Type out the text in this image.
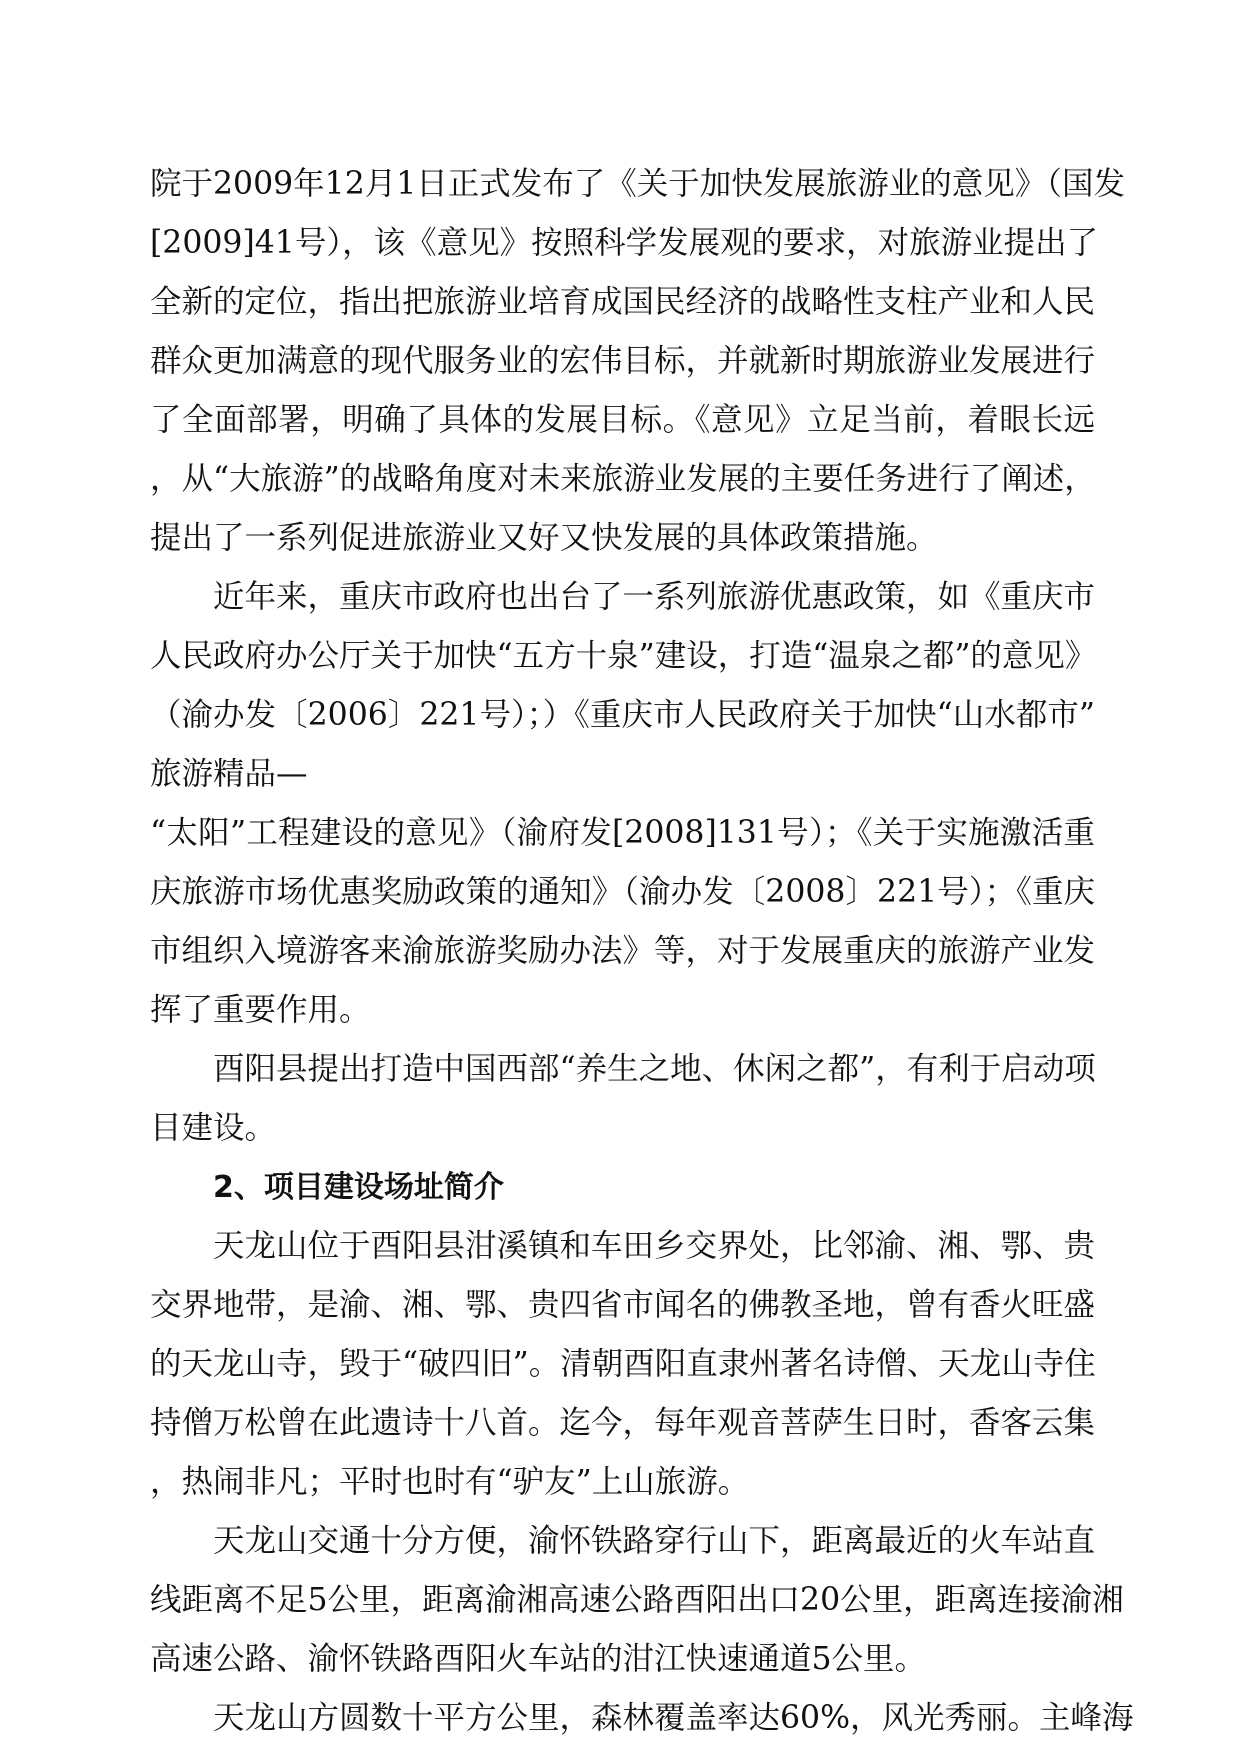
院于2009年12月1日正式发布了《关于加快发展旅游业的意见》（国发
[2009]41号），该《意见》按照科学发展观的要求，对旅游业提出了
全新的定位，指出把旅游业培育成国民经济的战略性支柱产业和人民
群众更加满意的现代服务业的宏伟目标，并就新时期旅游业发展进行
了全面部署，明确了具体的发展目标。《意见》立足当前，着眼长远
，从“大旅游”的战略角度对未来旅游业发展的主要任务进行了阐述，
提出了一系列促进旅游业又好又快发展的具体政策措施。
近年来，重庆市政府也出台了一系列旅游优惠政策，如《重庆市
人民政府办公厅关于加快“五方十泉”建设，打造“温泉之都”的意见》
（渝办发〔2006〕221号）；）《重庆市人民政府关于加快“山水都市”
旅游精品—
“太阳”工程建设的意见》（渝府发[2008]131号）；《关于实施激活重
庆旅游市场优惠奖励政策的通知》（渝办发〔2008〕221号）；《重庆
市组织入境游客来渝旅游奖励办法》等，对于发展重庆的旅游产业发
挥了重要作用。
酉阳县提出打造中国西部“养生之地、休闲之都”，有利于启动项
目建设。
2、项目建设场址简介
天龙山位于酉阳县泔溪镇和车田乡交界处，比邻渝、湘、鄂、贵
交界地带，是渝、湘、鄂、贵四省市闻名的佛教圣地，曾有香火旺盛
的天龙山寺，毁于“破四旧”。清朝酉阳直隶州著名诗僧、天龙山寺住
持僧万松曾在此遗诗十八首。迄今，每年观音菩萨生日时，香客云集
，热闹非凡；平时也时有“驴友”上山旅游。
天龙山交通十分方便，渝怀铁路穿行山下，距离最近的火车站直
线距离不足5公里，距离渝湘高速公路酉阳出口20公里，距离连接渝湘
高速公路、渝怀铁路酉阳火车站的泔江快速通道5公里。
天龙山方圆数十平方公里，森林覆盖率达60%，风光秀丽。主峰海
